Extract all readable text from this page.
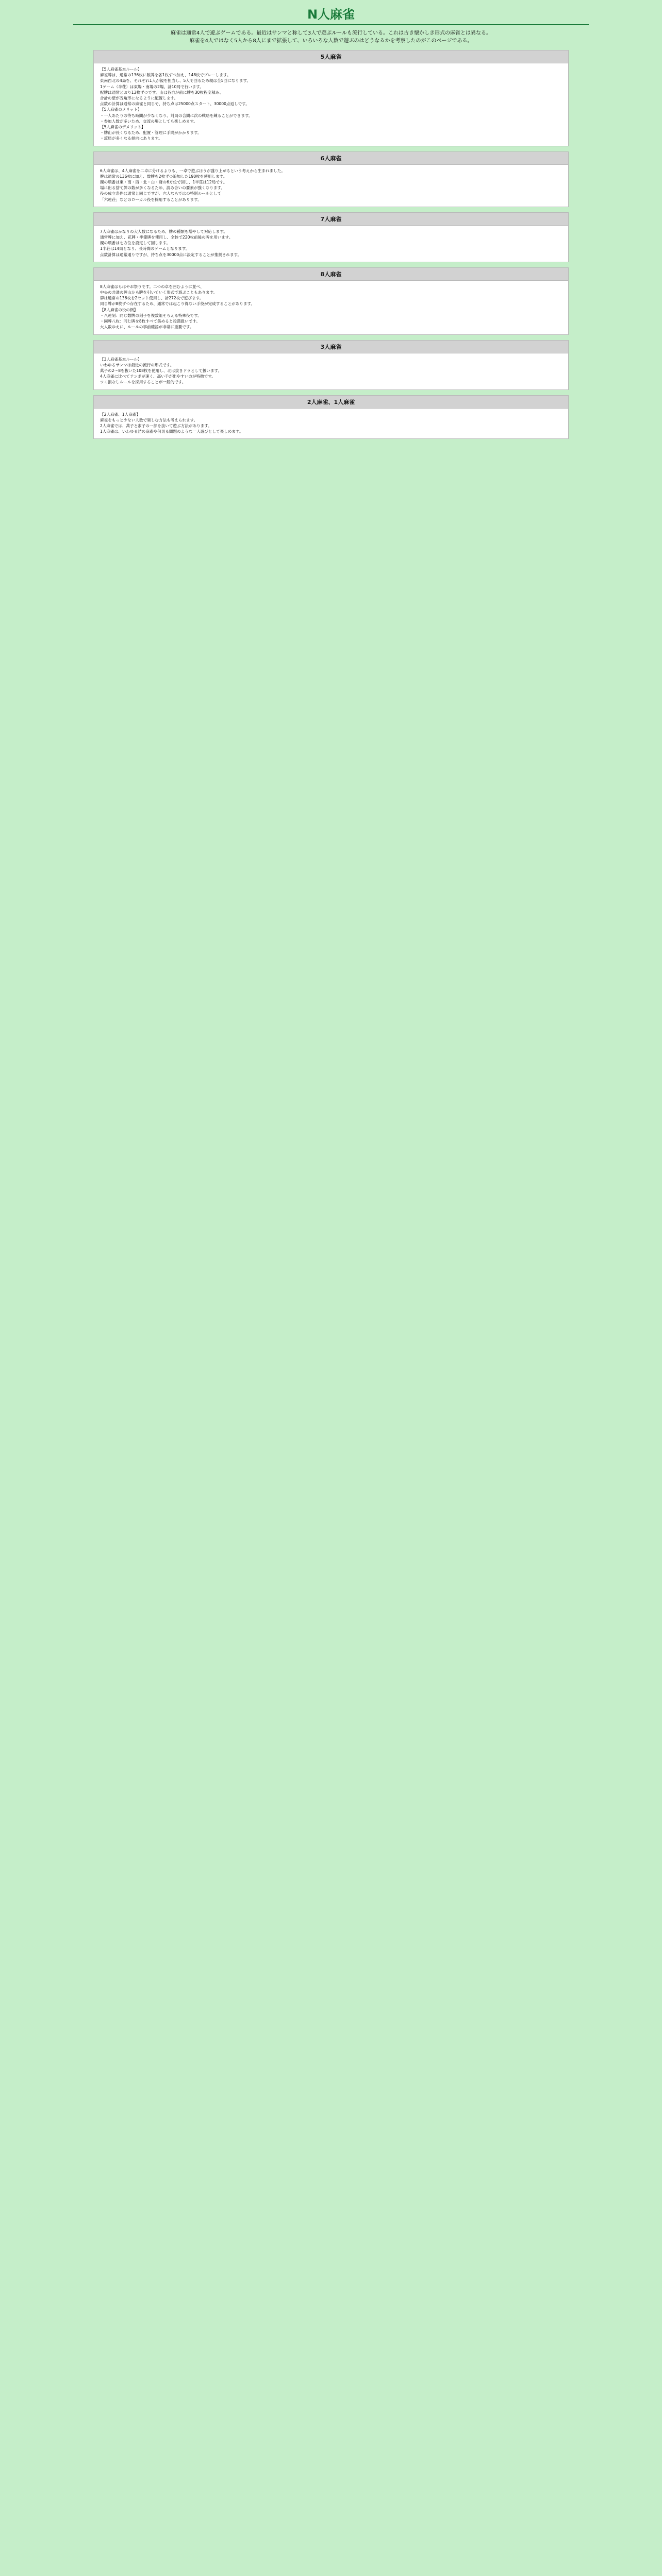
N人麻雀
麻雀は通常4人で遊ぶゲームである。最近はサンマと称して3人で遊ぶルールも流行している。これは古き懐かしき形式の麻雀とは異なる。
麻雀を4人ではなく5人から8人にまで拡張して、いろいろな人数で遊ぶのはどうなるかを考察したのがこのページである。
5人麻雀

【5人麻雀基本ルール】

麻雀牌は、通常の136枚に数牌を各1枚ずつ加え、148枚でプレーします。

東南西北の4局を、それぞれ1人が親を担当し、5人で回るため親は全5回になります。

1ゲーム（半荘）は東場・南場の2場、計10局で行います。

配牌は通常どおり13枚ずつです。山は各自が前に牌を30枚程度積み、

合計の壁が五角形になるように配置します。

点数の計算は通常の麻雀と同じで、持ち点は25000点スタート、30000点返しです。

【5人麻雀のメリット】

・一人あたりの待ち時間が少なくなり、対局の合間に次の戦略を練ることができます。

・参加人数が多いため、交流の場としても楽しめます。

【5人麻雀のデメリット】

・牌山が長くなるため、配置・管理に手間がかかります。

・流局が多くなる傾向にあります。

6人麻雀

6人麻雀は、4人麻雀を二卓に分けるよりも、一卓で遊ぶほうが盛り上がるという考えから生まれました。

牌は通常の136枚に加え、数牌を2枚ずつ追加した190枚を使用します。

親の順番は東・南・西・北・白・發の6方位で回し、1半荘は12局です。

場に出る捨て牌の数が多くなるため、読み合いの要素が強くなります。

役の成立条件は通常と同じですが、六人ならではの特別ルールとして

「六連荘」などのローカル役を採用することがあります。

7人麻雀

7人麻雀はかなりの大人数になるため、牌の種類を増やして対応します。

通常牌に加え、花牌・季節牌を使用し、全体で220枚前後の牌を用います。

親の順番は七方位を設定して回します。

1半荘は14局となり、長時間のゲームとなります。

点数計算は通常通りですが、持ち点を30000点に設定することが推奨されます。

8人麻雀

8人麻雀はもはやお祭りです。二つの卓を囲むように並べ、

中央の共通の牌山から牌を引いていく形式で遊ぶこともあります。

牌は通常の136枚を2セット使用し、計272枚で遊びます。

同じ牌が8枚ずつ存在するため、通常では起こり得ない手役が完成することがあります。

【8人麻雀の役の例】

・八連刻：同じ数牌の刻子を複数組そろえる特殊役です。

・同牌八枚：同じ牌を8枚すべて集めると役満扱いです。

大人数ゆえに、ルールの事前確認が非常に重要です。

3人麻雀

【3人麻雀基本ルール】

いわゆるサンマは最近の流行の形式です。

萬子の2〜8を抜いた108枚を使用し、北は抜きドラとして扱います。

4人麻雀に比べてテンポが速く、高い手が出やすいのが特徴です。

ツモ損なしルールを採用することが一般的です。

2人麻雀、1人麻雀

【2人麻雀、1人麻雀】

麻雀をもっと少ない人数で楽しむ方法も考えられます。

2人麻雀では、萬子と索子の一部を抜いて遊ぶ方法があります。

1人麻雀は、いわゆる詰め麻雀や何切る問題のような一人遊びとして楽しめます。
